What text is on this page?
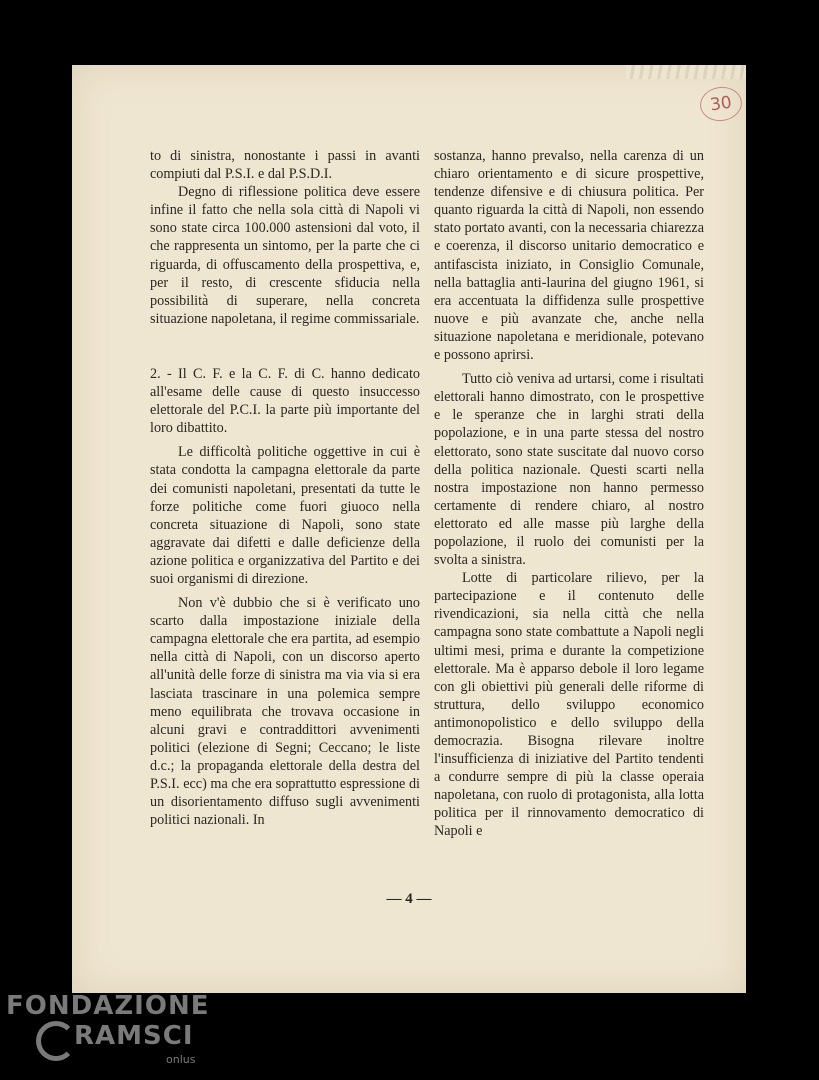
30

to di sinistra, nonostante i passi in avanti compiuti dal P.S.I. e dal P.S.D.I.

Degno di riflessione politica deve essere infine il fatto che nella sola città di Napoli vi sono state circa 100.000 astensioni dal voto, il che rappresenta un sintomo, per la parte che ci riguarda, di offuscamento della prospettiva, e, per il resto, di crescente sfiducia nella possibilità di superare, nella concreta situazione napoletana, il regime commissariale.

2. - Il C. F. e la C. F. di C. hanno dedicato all'esame delle cause di questo insuccesso elettorale del P.C.I. la parte più importante del loro dibattito.

Le difficoltà politiche oggettive in cui è stata condotta la campagna elettorale da parte dei comunisti napoletani, presentati da tutte le forze politiche come fuori giuoco nella concreta situazione di Napoli, sono state aggravate dai difetti e dalle deficienze della azione politica e organizzativa del Partito e dei suoi organismi di direzione.

Non v'è dubbio che si è verificato uno scarto dalla impostazione iniziale della campagna elettorale che era partita, ad esempio nella città di Napoli, con un discorso aperto all'unità delle forze di sinistra ma via via si era lasciata trascinare in una polemica sempre meno equilibrata che trovava occasione in alcuni gravi e contraddittori avvenimenti politici (elezione di Segni; Ceccano; le liste d.c.; la propaganda elettorale della destra del P.S.I. ecc) ma che era soprattutto espressione di un disorientamento diffuso sugli avvenimenti politici nazionali. In

sostanza, hanno prevalso, nella carenza di un chiaro orientamento e di sicure prospettive, tendenze difensive e di chiusura politica. Per quanto riguarda la città di Napoli, non essendo stato portato avanti, con la necessaria chiarezza e coerenza, il discorso unitario democratico e antifascista iniziato, in Consiglio Comunale, nella battaglia anti-laurina del giugno 1961, si era accentuata la diffidenza sulle prospettive nuove e più avanzate che, anche nella situazione napoletana e meridionale, potevano e possono aprirsi.

Tutto ciò veniva ad urtarsi, come i risultati elettorali hanno dimostrato, con le prospettive e le speranze che in larghi strati della popolazione, e in una parte stessa del nostro elettorato, sono state suscitate dal nuovo corso della politica nazionale. Questi scarti nella nostra impostazione non hanno permesso certamente di rendere chiaro, al nostro elettorato ed alle masse più larghe della popolazione, il ruolo dei comunisti per la svolta a sinistra.

Lotte di particolare rilievo, per la partecipazione e il contenuto delle rivendicazioni, sia nella città che nella campagna sono state combattute a Napoli negli ultimi mesi, prima e durante la competizione elettorale. Ma è apparso debole il loro legame con gli obiettivi più generali delle riforme di struttura, dello sviluppo economico antimonopolistico e dello sviluppo della democrazia. Bisogna rilevare inoltre l'insufficienza di iniziative del Partito tendenti a condurre sempre di più la classe operaia napoletana, con ruolo di protagonista, alla lotta politica per il rinnovamento democratico di Napoli e

— 4 —
FONDAZIONE
RAMSCI
onlus
